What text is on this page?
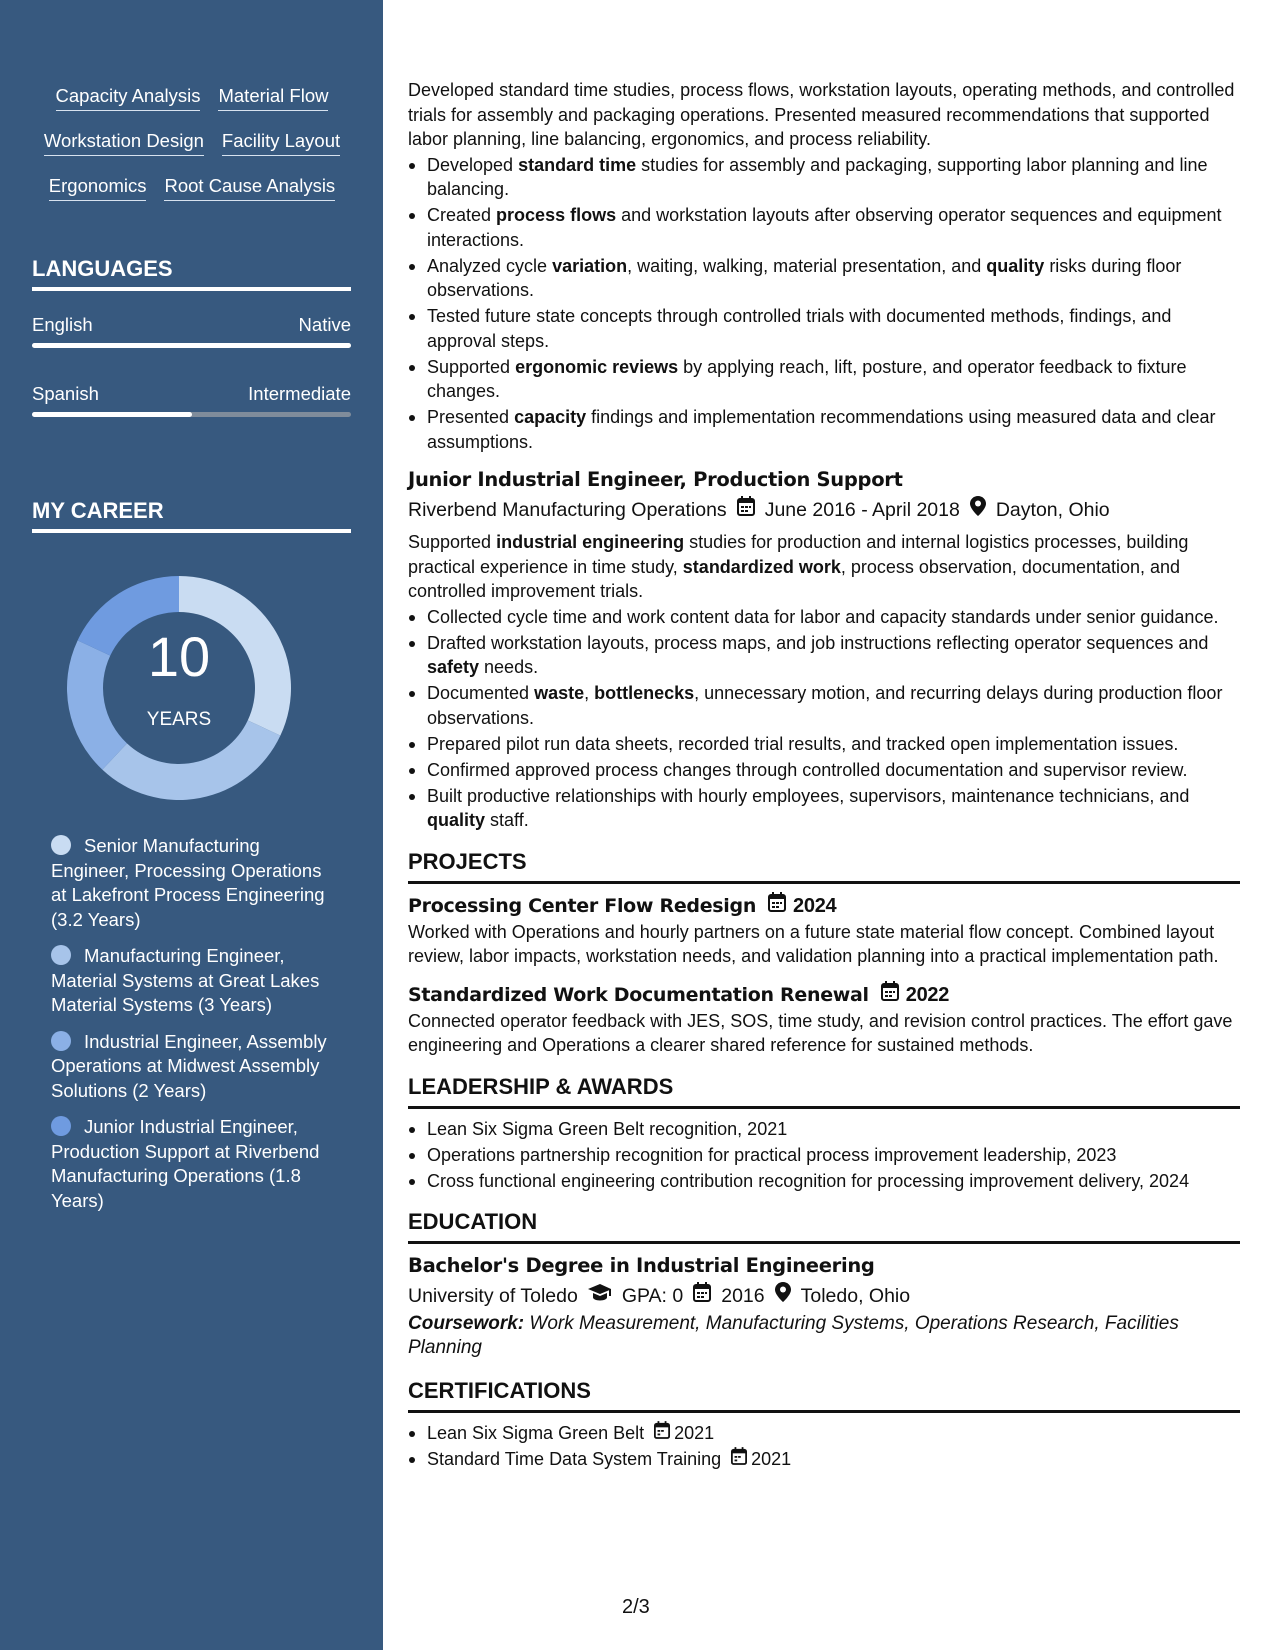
Capacity Analysis Material Flow
Workstation Design Facility Layout
Ergonomics Root Cause Analysis
LANGUAGES
English	Native
Spanish	Intermediate
MY CAREER
10
YEARS
Senior Manufacturing Engineer, Processing Operations at Lakefront Process Engineering (3.2 Years)
Manufacturing Engineer, Material Systems at Great Lakes Material Systems (3 Years)
Industrial Engineer, Assembly Operations at Midwest Assembly Solutions (2 Years)
Junior Industrial Engineer, Production Support at Riverbend Manufacturing Operations (1.8 Years)

Developed standard time studies, process flows, workstation layouts, operating methods, and controlled trials for assembly and packaging operations. Presented measured recommendations that supported labor planning, line balancing, ergonomics, and process reliability.

Developed standard time studies for assembly and packaging, supporting labor planning and line balancing.
Created process flows and workstation layouts after observing operator sequences and equipment interactions.
Analyzed cycle variation, waiting, walking, material presentation, and quality risks during floor observations.
Tested future state concepts through controlled trials with documented methods, findings, and approval steps.
Supported ergonomic reviews by applying reach, lift, posture, and operator feedback to fixture changes.
Presented capacity findings and implementation recommendations using measured data and clear assumptions.
Junior Industrial Engineer, Production Support
Riverbend Manufacturing Operations June 2016 - April 2018 Dayton, Ohio

Supported industrial engineering studies for production and internal logistics processes, building practical experience in time study, standardized work, process observation, documentation, and controlled improvement trials.

Collected cycle time and work content data for labor and capacity standards under senior guidance.
Drafted workstation layouts, process maps, and job instructions reflecting operator sequences and safety needs.
Documented waste, bottlenecks, unnecessary motion, and recurring delays during production floor observations.
Prepared pilot run data sheets, recorded trial results, and tracked open implementation issues.
Confirmed approved process changes through controlled documentation and supervisor review.
Built productive relationships with hourly employees, supervisors, maintenance technicians, and quality staff.
PROJECTS
Processing Center Flow Redesign 2024

Worked with Operations and hourly partners on a future state material flow concept. Combined layout review, labor impacts, workstation needs, and validation planning into a practical implementation path.

Standardized Work Documentation Renewal 2022

Connected operator feedback with JES, SOS, time study, and revision control practices. The effort gave engineering and Operations a clearer shared reference for sustained methods.

LEADERSHIP & AWARDS
Lean Six Sigma Green Belt recognition, 2021
Operations partnership recognition for practical process improvement leadership, 2023
Cross functional engineering contribution recognition for processing improvement delivery, 2024
EDUCATION
Bachelor's Degree in Industrial Engineering
University of Toledo GPA: 0 2016 Toledo, Ohio

Coursework: Work Measurement, Manufacturing Systems, Operations Research, Facilities Planning

CERTIFICATIONS
Lean Six Sigma Green Belt 2021
Standard Time Data System Training 2021
2/3
